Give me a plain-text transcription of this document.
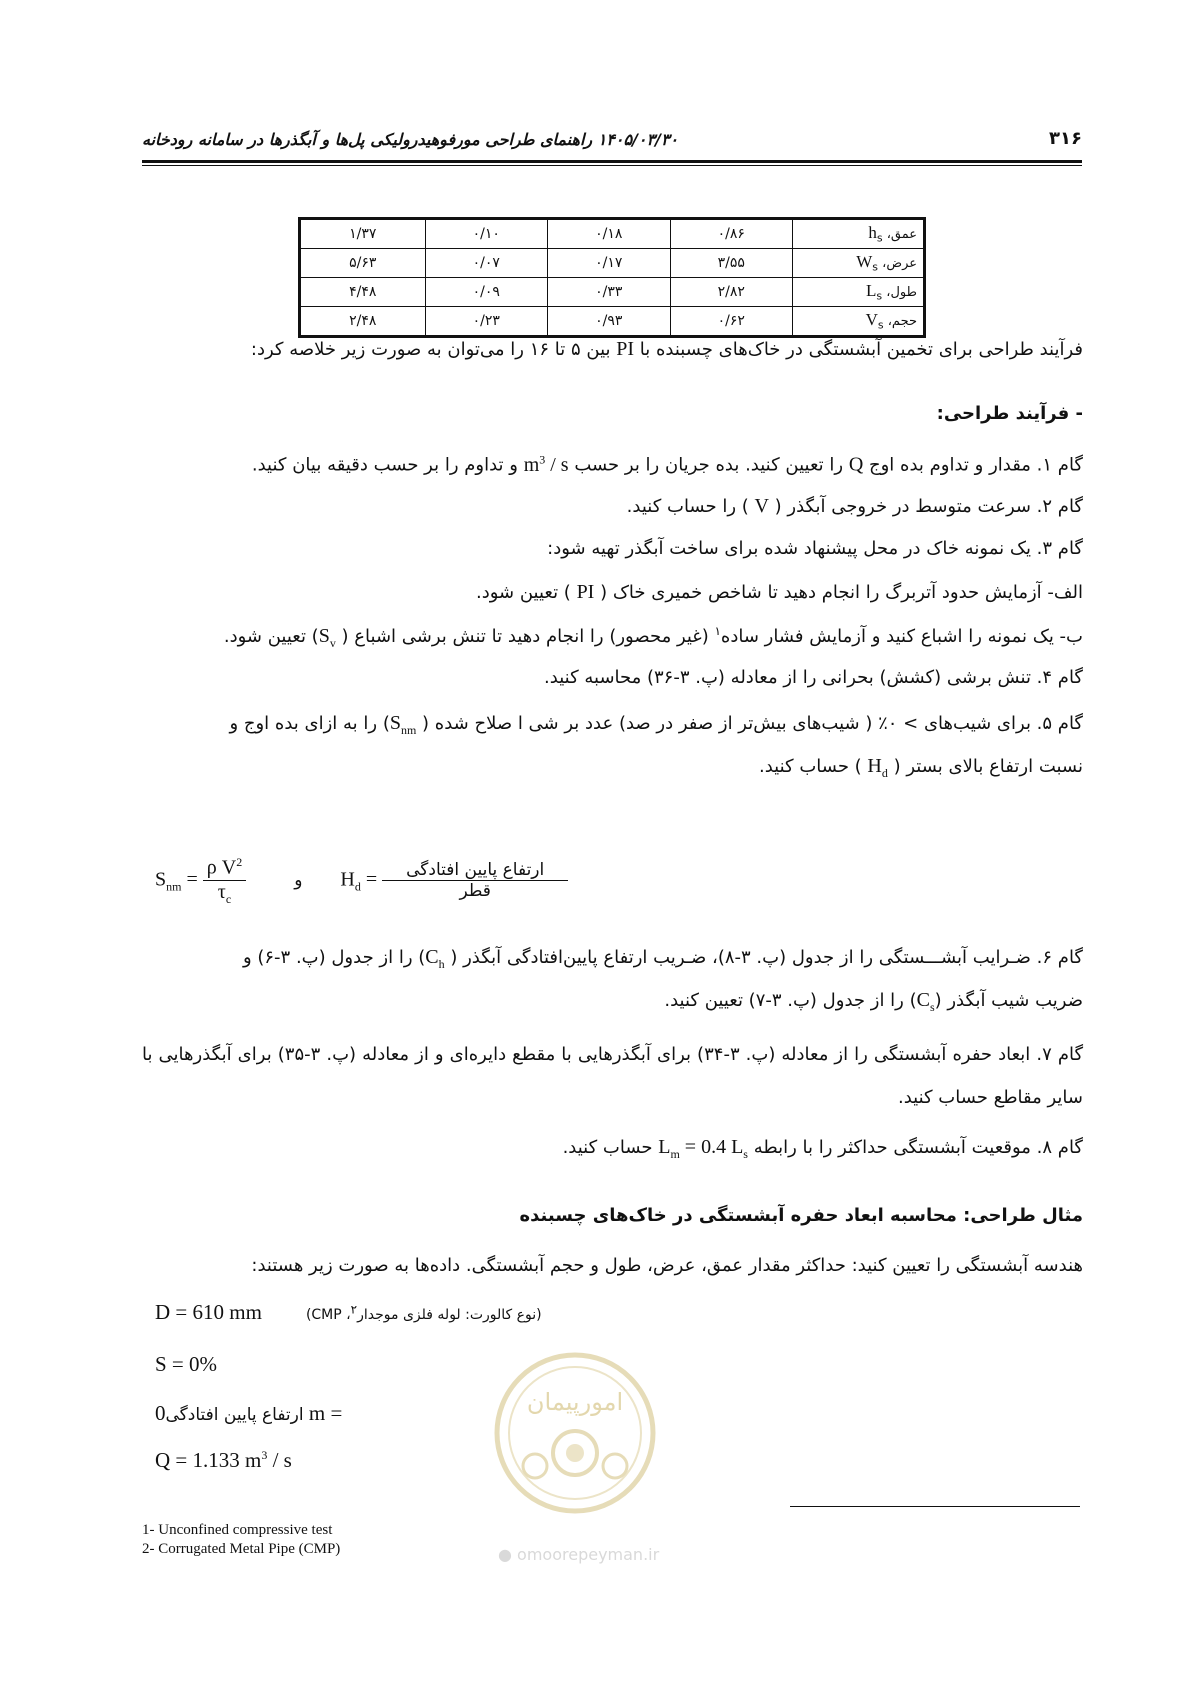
۳۱۶
۱۴۰۵/۰۳/۳۰ راهنمای طراحی مورفوهیدرولیکی پل‌ها و آبگذرها در سامانه رودخانه
عمق، $h_s$	۰/۸۶	۰/۱۸	۰/۱۰	۱/۳۷
عرض، $W_s$	۳/۵۵	۰/۱۷	۰/۰۷	۵/۶۳
طول، $L_s$	۲/۸۲	۰/۳۳	۰/۰۹	۴/۴۸
حجم، $V_s$	۰/۶۲	۰/۹۳	۰/۲۳	۲/۴۸
فرآیند طراحی برای تخمین آبشستگی در خاک‌های چسبنده با PI بین ۵ تا ۱۶ را می‌توان به صورت زیر خلاصه کرد:
- فرآیند طراحی:
گام ۱. مقدار و تداوم بده اوج Q را تعیین کنید. بده جریان را بر حسب $m^3$ / s و تداوم را بر حسب دقیقه بیان کنید.
گام ۲. سرعت متوسط در خروجی آبگذر ( V ) را حساب کنید.
گام ۳. یک نمونه خاک در محل پیشنهاد شده برای ساخت آبگذر تهیه شود:
الف- آزمایش حدود آتربرگ را انجام دهید تا شاخص خمیری خاک ( PI ) تعیین شود.
ب- یک نمونه را اشباع کنید و آزمایش فشار ساده$^۱$ (غیر محصور) را انجام دهید تا تنش برشی اشباع ( $S_v$) تعیین شود.
گام ۴. تنش برشی (کشش) بحرانی را از معادله (پ. ۳-۳۶) محاسبه کنید.
گام ۵. برای شیب‌های > ۰٪ ( شیب‌های بیش‌تر از صفر در صد) عدد بر شی ا صلاح شده ( $S_{nm}$) را به ازای بده اوج و
نسبت ارتفاع بالای بستر ( $H_d$ ) حساب کنید.
$S_{nm} = \frac{\rho V^2}{\tau_c}$	و $H_d = \frac{\text{ارتفاع پایین افتادگی}}{\text{قطر}}$
گام ۶. ضـرایب آبشـــستگی را از جدول (پ. ۳-۸)، ضـریب ارتفاع پایین‌افتادگی آبگذر ( $C_h$) را از جدول (پ. ۳-۶) و
ضریب شیب آبگذر $(C_s)$ را از جدول (پ. ۳-۷) تعیین کنید.
گام ۷. ابعاد حفره آبشستگی را از معادله (پ. ۳-۳۴) برای آبگذرهایی با مقطع دایره‌ای و از معادله (پ. ۳-۳۵) برای آبگذرهایی با سایر مقاطع حساب کنید.
گام ۸. موقعیت آبشستگی حداکثر را با رابطه $L_m = 0.4$ $L_s$ حساب کنید.
مثال طراحی: محاسبه ابعاد حفره آبشستگی در خاک‌های چسبنده
هندسه آبشستگی را تعیین کنید: حداکثر مقدار عمق، عرض، طول و حجم آبشستگی. داده‌ها به صورت زیر هستند:
D = 610 mm	(نوع کالورت: لوله فلزی موجدار$^۲$، CMP)
S = 0%
ارتفاع پایین افتادگی0 m =
Q = 1.133 $m^3$ / s
امورپیمان
● omoorepeyman.ir
1- Unconfined compressive test
2- Corrugated Metal Pipe (CMP)
